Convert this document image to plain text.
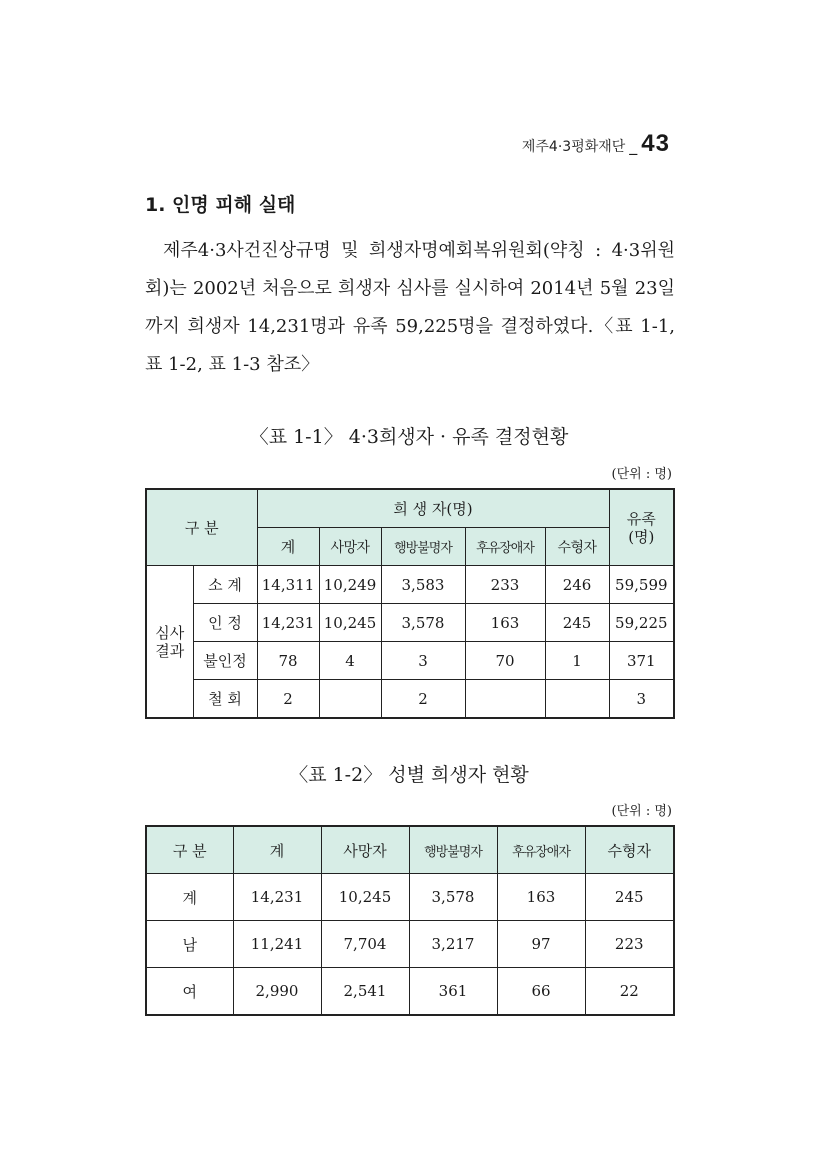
제주4·3평화재단 _ 43
1. 인명 피해 실태
제주4·3사건진상규명 및 희생자명예회복위원회(약칭 : 4·3위원회)는 2002년 처음으로 희생자 심사를 실시하여 2014년 5월 23일까지 희생자 14,231명과 유족 59,225명을 결정하였다.〈표 1-1, 표 1-2, 표 1-3 참조〉
〈표 1-1〉 4·3희생자 · 유족 결정현황
(단위 : 명)
구 분		희 생 자(명)					유족
(명)
		계	사망자	행방불명자	후유장애자	수형자	
심사
결과	소 계	14,311	10,249	3,583	233	246	59,599
	인 정	14,231	10,245	3,578	163	245	59,225
	불인정	78	4	3	70	1	371
	철 회	2		2			3
〈표 1-2〉 성별 희생자 현황
(단위 : 명)
구 분	계	사망자	행방불명자	후유장애자	수형자
계	14,231	10,245	3,578	163	245
남	11,241	7,704	3,217	97	223
여	2,990	2,541	361	66	22
